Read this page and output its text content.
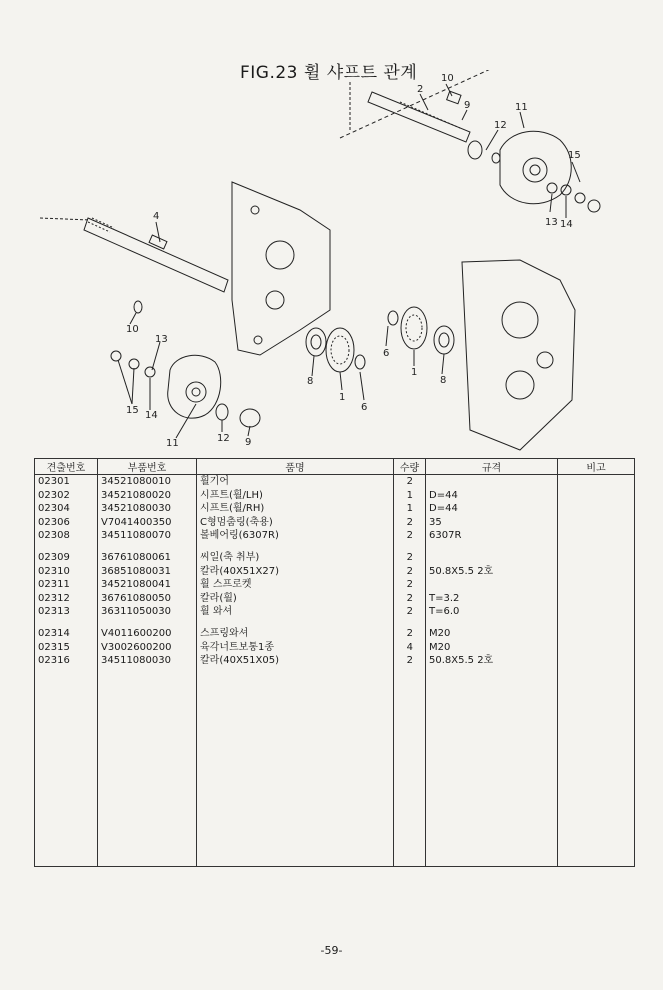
FIG.23 휠 샤프트 관계 10
2
9	11
12
15
13 14
4
10
13
15 14
11	12 9
8
1
6
6
1
8
견출번호	부품번호	품명	수량	규격	비고
02301	34521080010	휠기어	2		
02302	34521080020	시프트(휠/LH)	1	D=44	
02304	34521080030	시프트(휠/RH)	1	D=44	
02306	V7041400350	C형멈춤링(축용)	2	35	
02308	34511080070	볼베어링(6307R)	2	6307R	

02309	36761080061	씨일(축 취부)	2		
02310	36851080031	칼라(40X51X27)	2	50.8X5.5 2호	
02311	34521080041	휠 스프로켓	2		
02312	36761080050	칼라(휠)	2	T=3.2	
02313	36311050030	휠 와셔	2	T=6.0	

02314	V4011600200	스프링와셔	2	M20	
02315	V3002600200	육각너트보통1종	4	M20	
02316	34511080030	칼라(40X51X05)	2	50.8X5.5 2호	

-59-
